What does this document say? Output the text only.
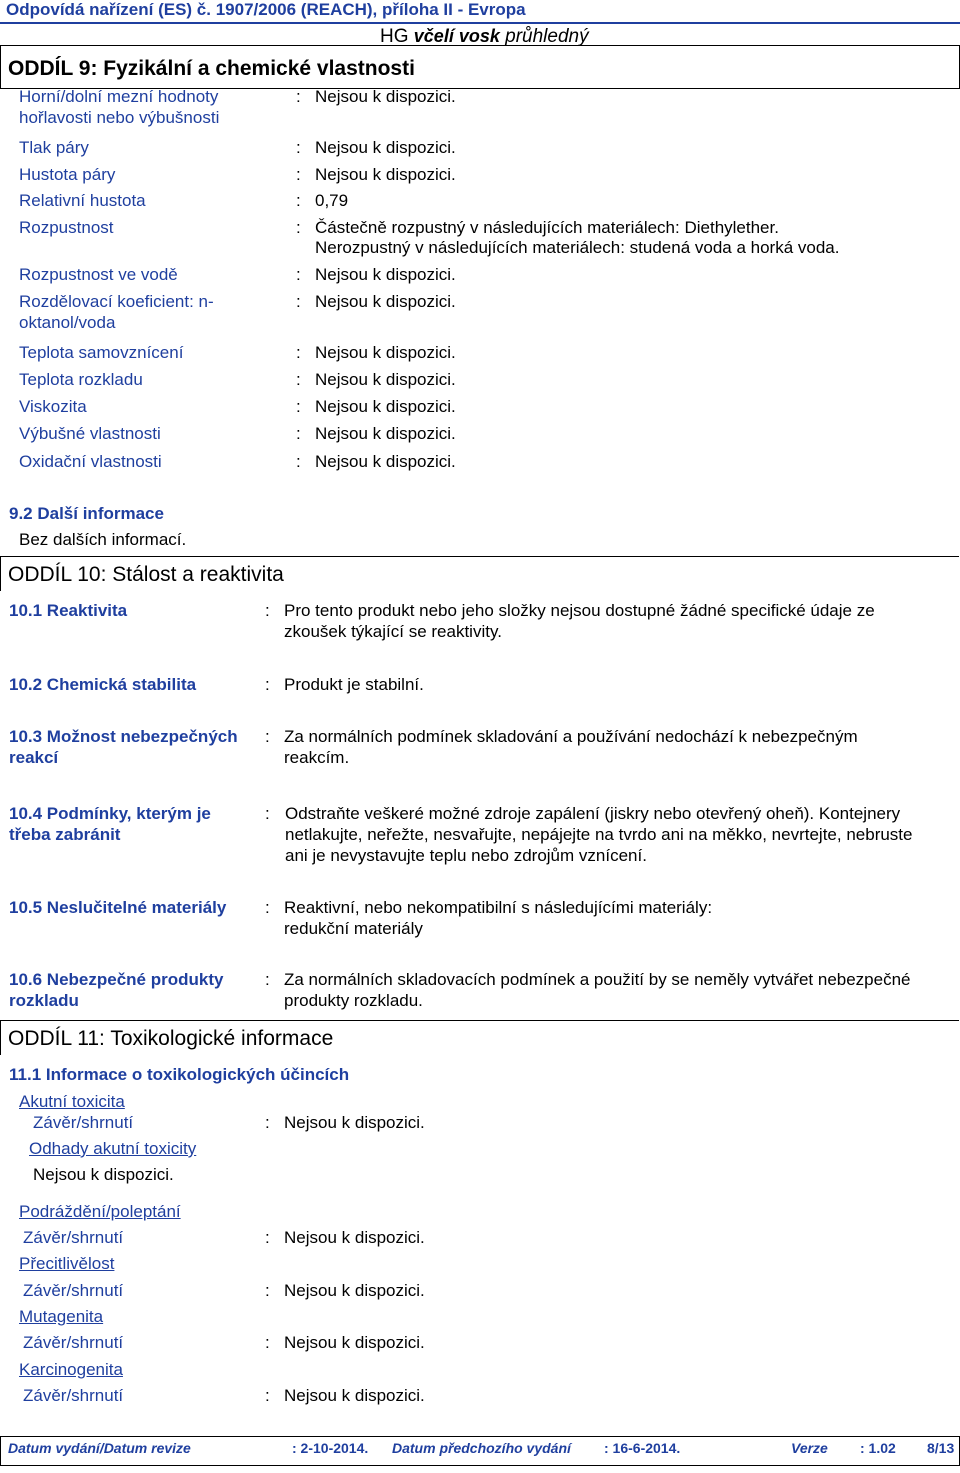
Odpovídá nařízení (ES) č. 1907/2006 (REACH), příloha II - Evropa
HG včelí vosk průhledný
ODDÍL 9: Fyzikální a chemické vlastnosti
Horní/dolní mezní hodnoty
hořlavosti nebo výbušnosti
: Nejsou k dispozici.
Tlak páry	: Nejsou k dispozici.
Hustota páry	: Nejsou k dispozici.
Relativní hustota	: 0,79
Rozpustnost	: Částečně rozpustný v následujících materiálech: Diethylether.
Nerozpustný v následujících materiálech: studená voda a horká voda.
Rozpustnost ve vodě	: Nejsou k dispozici.
Rozdělovací koeficient: n-
oktanol/voda
: Nejsou k dispozici.
Teplota samovznícení	: Nejsou k dispozici.
Teplota rozkladu	: Nejsou k dispozici.
Viskozita	: Nejsou k dispozici.
Výbušné vlastnosti	: Nejsou k dispozici.
Oxidační vlastnosti	: Nejsou k dispozici.
9.2 Další informace
Bez dalších informací.
ODDÍL 10: Stálost a reaktivita
10.1 Reaktivita	: Pro tento produkt nebo jeho složky nejsou dostupné žádné specifické údaje ze
zkoušek týkající se reaktivity.
10.2 Chemická stabilita	: Produkt je stabilní.
10.3 Možnost nebezpečných
reakcí
: Za normálních podmínek skladování a používání nedochází k nebezpečným
reakcím.
10.4 Podmínky, kterým je
třeba zabránit
: Odstraňte veškeré možné zdroje zapálení (jiskry nebo otevřený oheň). Kontejnery
netlakujte, neřežte, nesvařujte, nepájejte na tvrdo ani na měkko, nevrtejte, nebruste
ani je nevystavujte teplu nebo zdrojům vznícení.
10.5 Neslučitelné materiály : Reaktivní, nebo nekompatibilní s následujícími materiály:
redukční materiály
10.6 Nebezpečné produkty
rozkladu
: Za normálních skladovacích podmínek a použití by se neměly vytvářet nebezpečné
produkty rozkladu.
ODDÍL 11: Toxikologické informace
11.1 Informace o toxikologických účincích
Akutní toxicita
Závěr/shrnutí	: Nejsou k dispozici.
Odhady akutní toxicity
Nejsou k dispozici.
Podráždění/poleptání
Závěr/shrnutí	: Nejsou k dispozici.
Přecitlivělost
Závěr/shrnutí	: Nejsou k dispozici.
Mutagenita
Závěr/shrnutí	: Nejsou k dispozici.
Karcinogenita
Závěr/shrnutí	: Nejsou k dispozici.
Datum vydání/Datum revize	: 2-10-2014. Datum předchozího vydání : 16-6-2014.	Verze : 1.02 8/13
